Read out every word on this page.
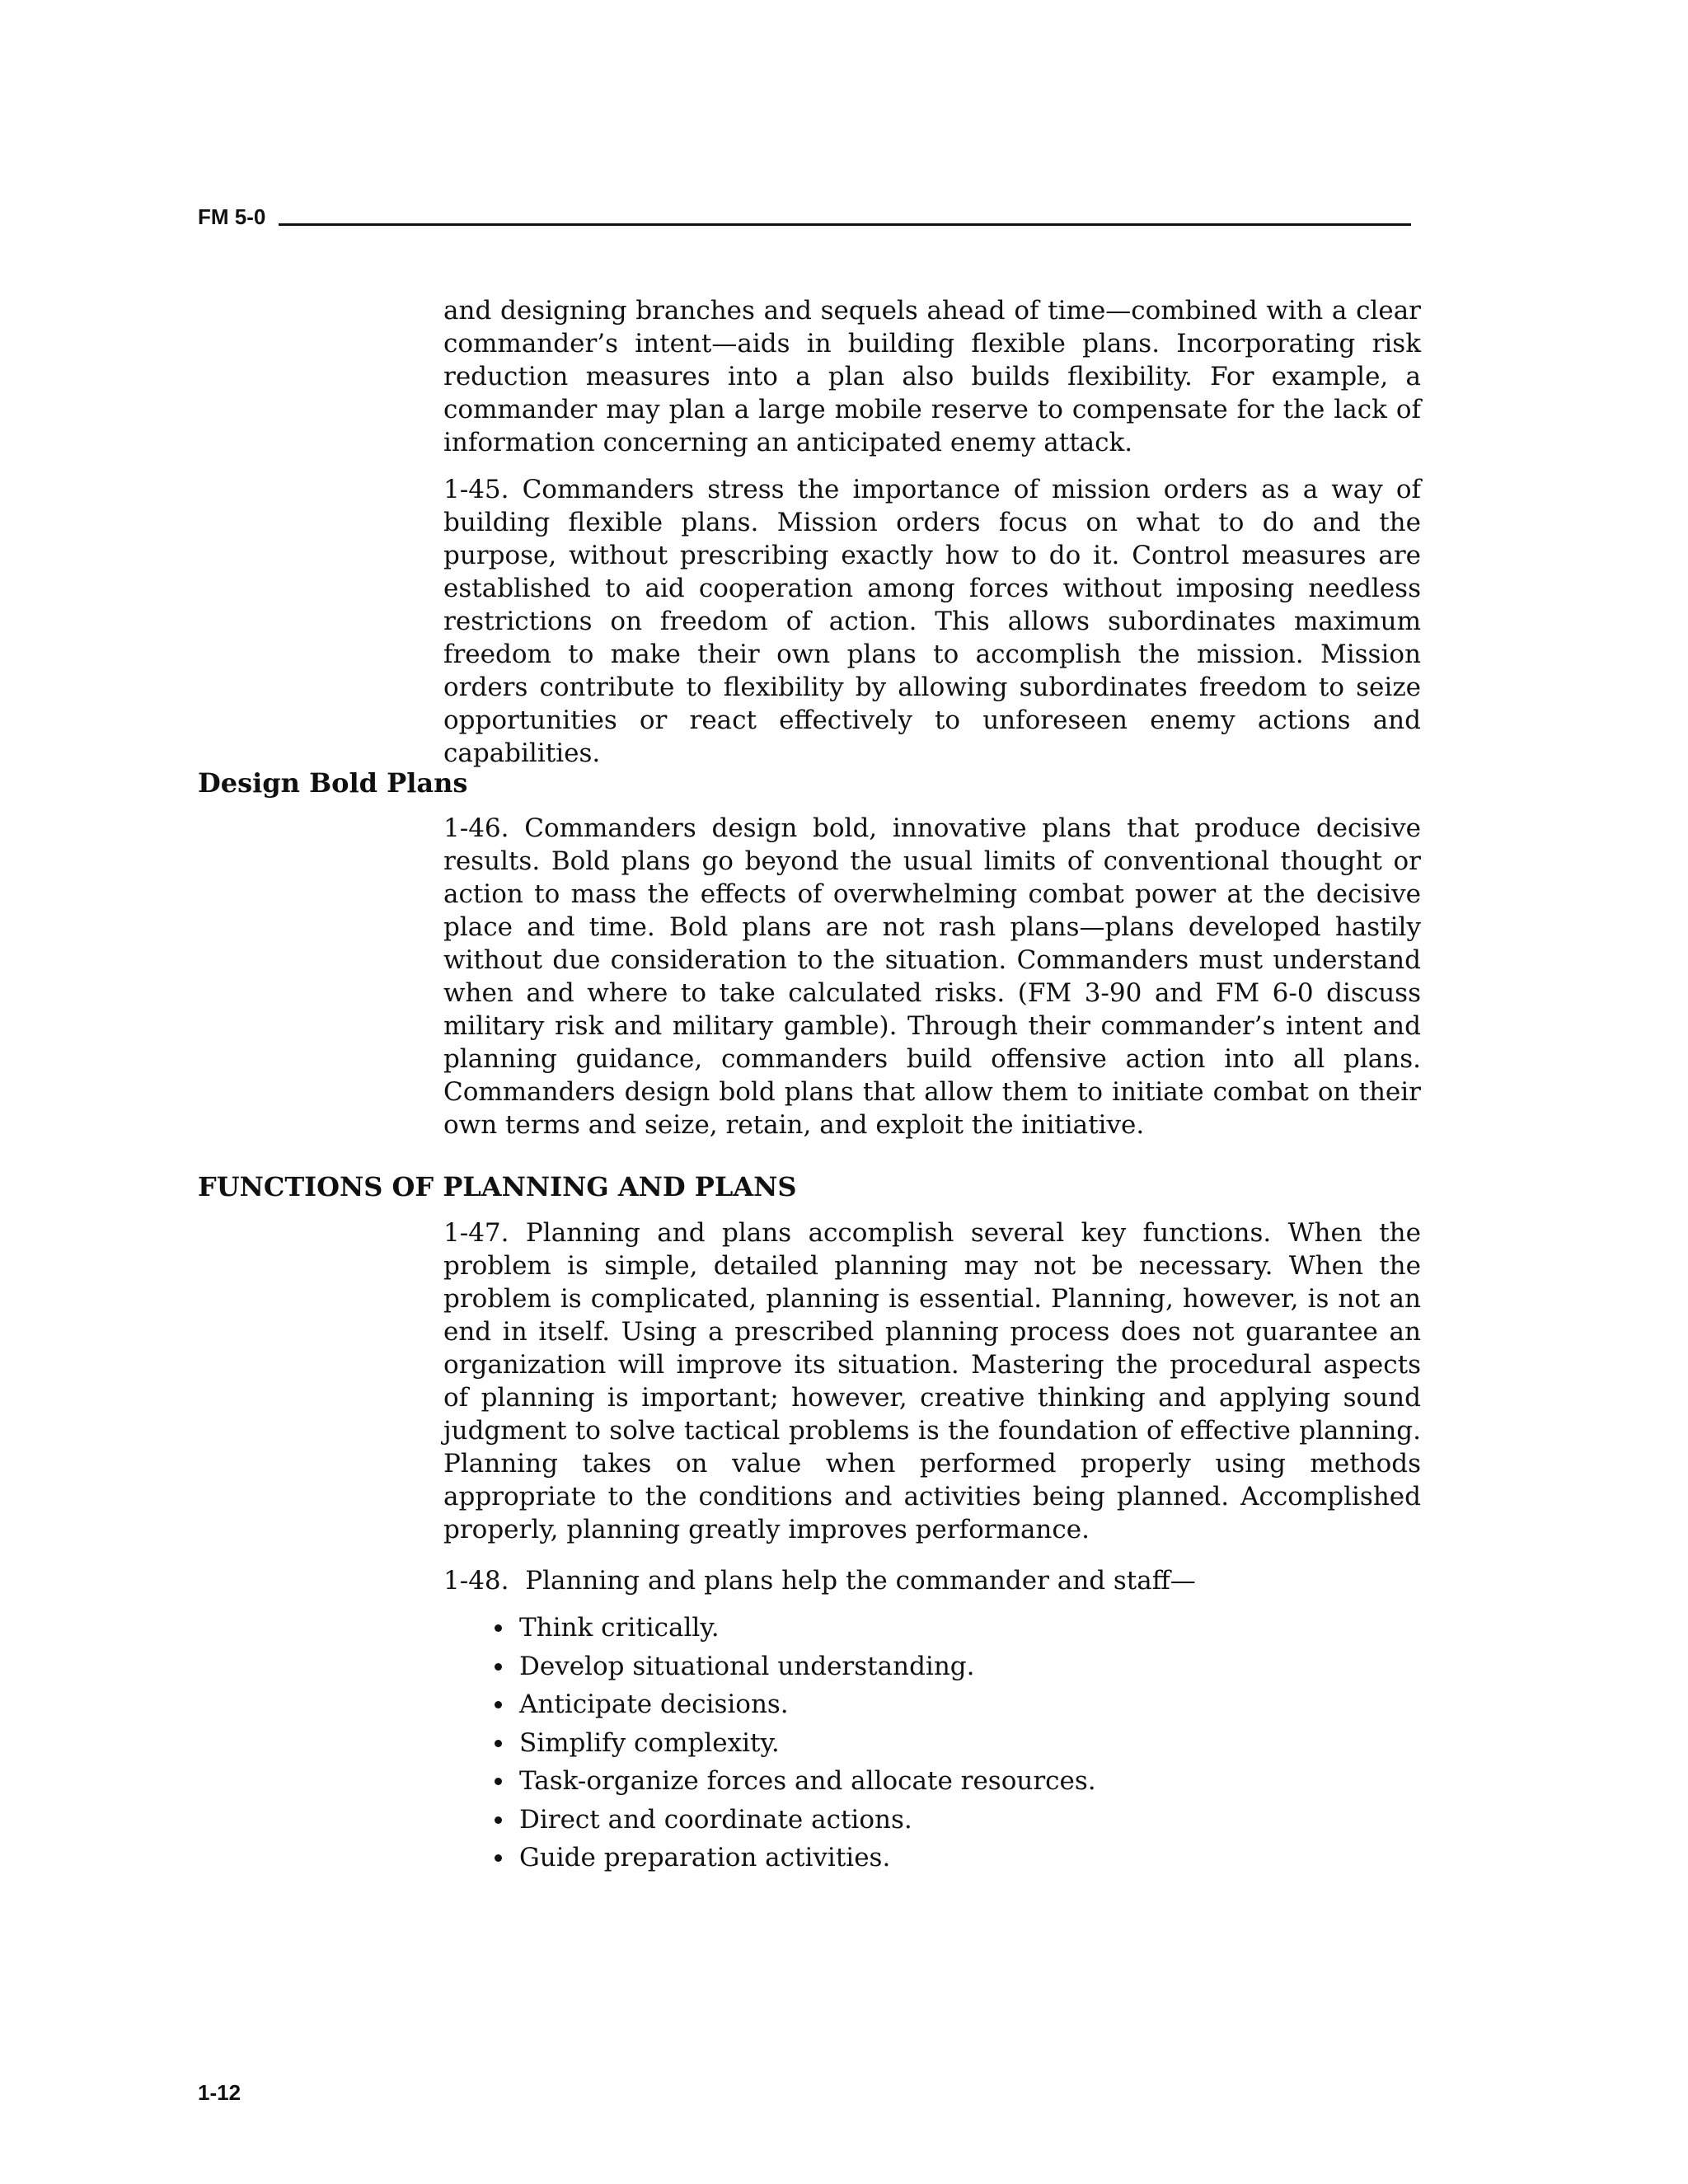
FM 5-0

and designing branches and sequels ahead of time—combined with a clear commander’s intent—aids in building flexible plans. Incorporating risk reduction measures into a plan also builds flexibility. For example, a commander may plan a large mobile reserve to compensate for the lack of information concerning an anticipated enemy attack.

1-45. Commanders stress the importance of mission orders as a way of building flexible plans. Mission orders focus on what to do and the purpose, without prescribing exactly how to do it. Control measures are established to aid cooperation among forces without imposing needless restrictions on freedom of action. This allows subordinates maximum freedom to make their own plans to accomplish the mission. Mission orders contribute to flexibility by allowing subordinates freedom to seize opportunities or react effectively to unforeseen enemy actions and capabilities.

Design Bold Plans

1-46. Commanders design bold, innovative plans that produce decisive results. Bold plans go beyond the usual limits of conventional thought or action to mass the effects of overwhelming combat power at the decisive place and time. Bold plans are not rash plans—plans developed hastily without due consideration to the situation. Commanders must understand when and where to take calculated risks. (FM 3-90 and FM 6-0 discuss military risk and military gamble). Through their commander’s intent and planning guidance, commanders build offensive action into all plans. Commanders design bold plans that allow them to initiate combat on their own terms and seize, retain, and exploit the initiative.

FUNCTIONS OF PLANNING AND PLANS

1-47. Planning and plans accomplish several key functions. When the problem is simple, detailed planning may not be necessary. When the problem is complicated, planning is essential. Planning, however, is not an end in itself. Using a prescribed planning process does not guarantee an organization will improve its situation. Mastering the procedural aspects of planning is important; however, creative thinking and applying sound judgment to solve tactical problems is the foundation of effective planning. Planning takes on value when performed properly using methods appropriate to the conditions and activities being planned. Accomplished properly, planning greatly improves performance.

1-48.  Planning and plans help the commander and staff—

Think critically.
Develop situational understanding.
Anticipate decisions.
Simplify complexity.
Task-organize forces and allocate resources.
Direct and coordinate actions.
Guide preparation activities.
1-12
